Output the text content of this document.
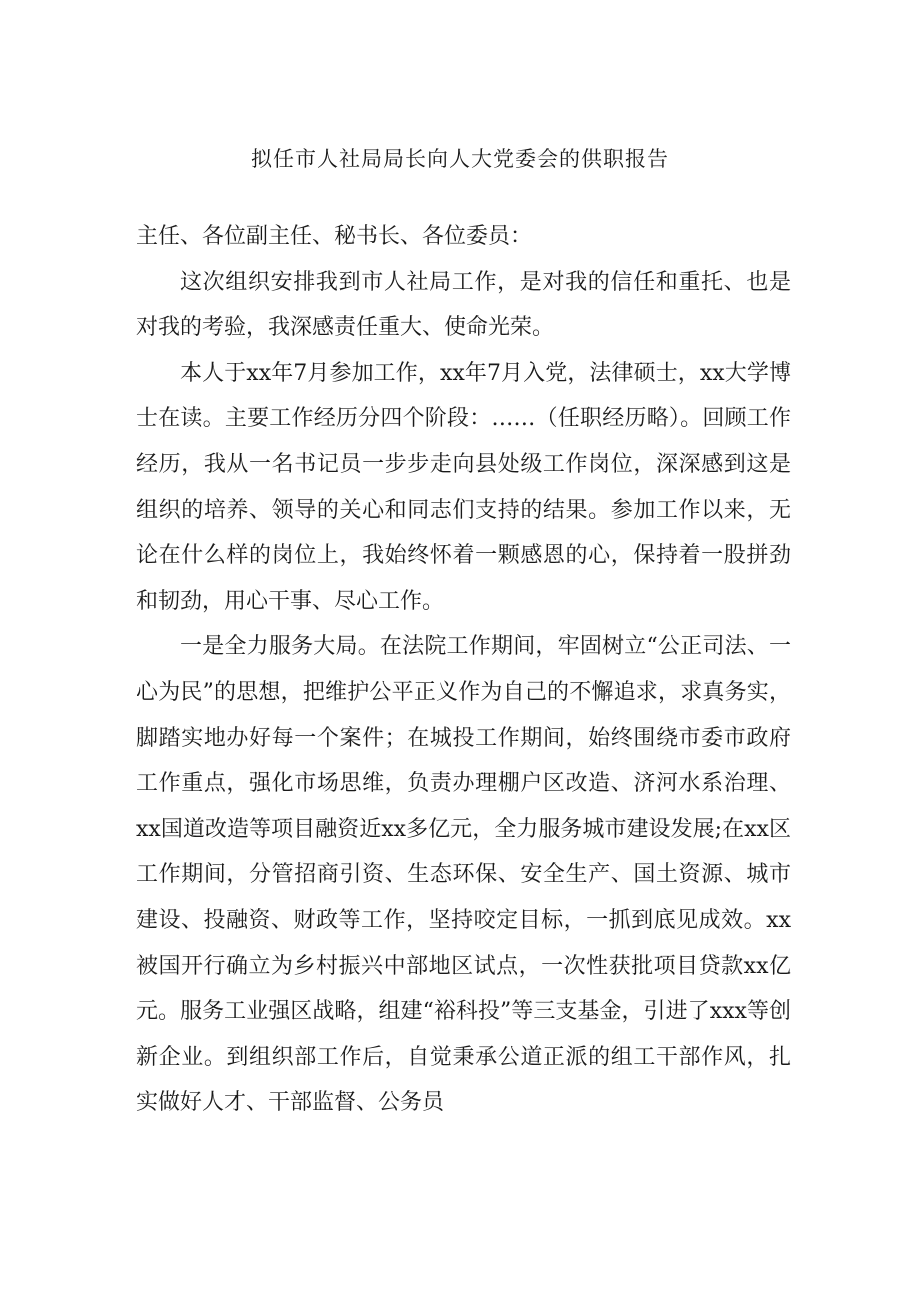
拟任市人社局局长向人大党委会的供职报告

主任、各位副主任、秘书长、各位委员：

这次组织安排我到市人社局工作，是对我的信任和重托、也是对我的考验，我深感责任重大、使命光荣。

本人于xx年7月参加工作，xx年7月入党，法律硕士，xx大学博士在读。主要工作经历分四个阶段：……（任职经历略）。回顾工作经历，我从一名书记员一步步走向县处级工作岗位，深深感到这是组织的培养、领导的关心和同志们支持的结果。参加工作以来，无论在什么样的岗位上，我始终怀着一颗感恩的心，保持着一股拼劲和韧劲，用心干事、尽心工作。

一是全力服务大局。在法院工作期间，牢固树立“公正司法、一心为民”的思想，把维护公平正义作为自己的不懈追求，求真务实，脚踏实地办好每一个案件；在城投工作期间，始终围绕市委市政府工作重点，强化市场思维，负责办理棚户区改造、济河水系治理、xx国道改造等项目融资近xx多亿元，全力服务城市建设发展;在xx区工作期间，分管招商引资、生态环保、安全生产、国土资源、城市建设、投融资、财政等工作，坚持咬定目标，一抓到底见成效。xx被国开行确立为乡村振兴中部地区试点，一次性获批项目贷款xx亿元。服务工业强区战略，组建“裕科投”等三支基金，引进了xxx等创新企业。到组织部工作后，自觉秉承公道正派的组工干部作风，扎实做好人才、干部监督、公务员
